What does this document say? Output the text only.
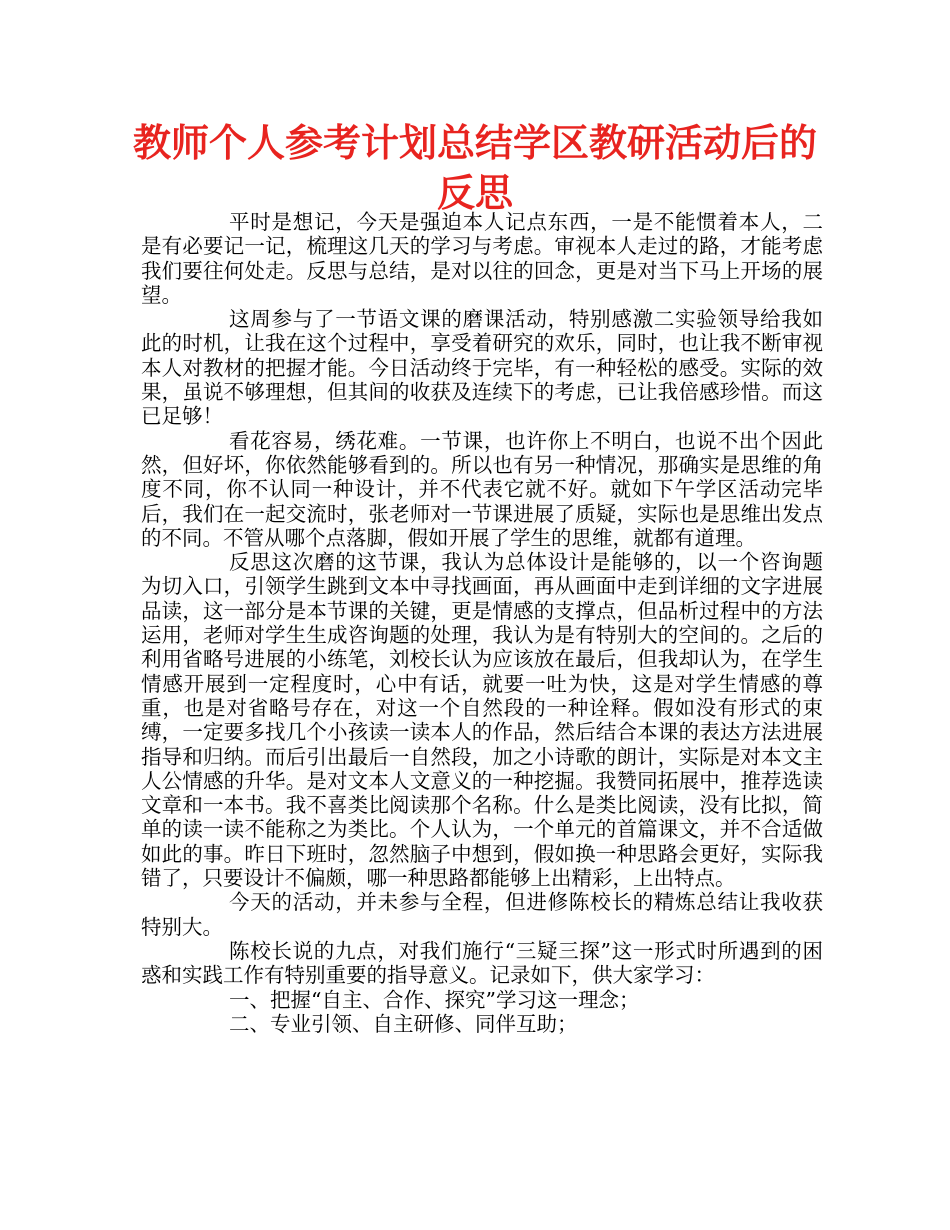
教师个人参考计划总结学区教研活动后的反思

平时是想记，今天是强迫本人记点东西，一是不能惯着本人，二是有必要记一记，梳理这几天的学习与考虑。审视本人走过的路，才能考虑我们要往何处走。反思与总结，是对以往的回念，更是对当下马上开场的展望。

这周参与了一节语文课的磨课活动，特别感激二实验领导给我如此的时机，让我在这个过程中，享受着研究的欢乐，同时，也让我不断审视本人对教材的把握才能。今日活动终于完毕，有一种轻松的感受。实际的效果，虽说不够理想，但其间的收获及连续下的考虑，已让我倍感珍惜。而这已足够！

看花容易，绣花难。一节课，也许你上不明白，也说不出个因此然，但好坏，你依然能够看到的。所以也有另一种情况，那确实是思维的角度不同，你不认同一种设计，并不代表它就不好。就如下午学区活动完毕后，我们在一起交流时，张老师对一节课进展了质疑，实际也是思维出发点的不同。不管从哪个点落脚，假如开展了学生的思维，就都有道理。

反思这次磨的这节课，我认为总体设计是能够的，以一个咨询题为切入口，引领学生跳到文本中寻找画面，再从画面中走到详细的文字进展品读，这一部分是本节课的关键，更是情感的支撑点，但品析过程中的方法运用，老师对学生生成咨询题的处理，我认为是有特别大的空间的。之后的利用省略号进展的小练笔，刘校长认为应该放在最后，但我却认为，在学生情感开展到一定程度时，心中有话，就要一吐为快，这是对学生情感的尊重，也是对省略号存在，对这一个自然段的一种诠释。假如没有形式的束缚，一定要多找几个小孩读一读本人的作品，然后结合本课的表达方法进展指导和归纳。而后引出最后一自然段，加之小诗歌的朗计，实际是对本文主人公情感的升华。是对文本人文意义的一种挖掘。我赞同拓展中，推荐选读文章和一本书。我不喜类比阅读那个名称。什么是类比阅读，没有比拟，简单的读一读不能称之为类比。个人认为，一个单元的首篇课文，并不合适做如此的事。昨日下班时，忽然脑子中想到，假如换一种思路会更好，实际我错了，只要设计不偏颇，哪一种思路都能够上出精彩，上出特点。

今天的活动，并未参与全程，但进修陈校长的精炼总结让我收获特别大。

陈校长说的九点，对我们施行“三疑三探”这一形式时所遇到的困惑和实践工作有特别重要的指导意义。记录如下，供大家学习：

一、把握“自主、合作、探究”学习这一理念；

二、专业引领、自主研修、同伴互助；
